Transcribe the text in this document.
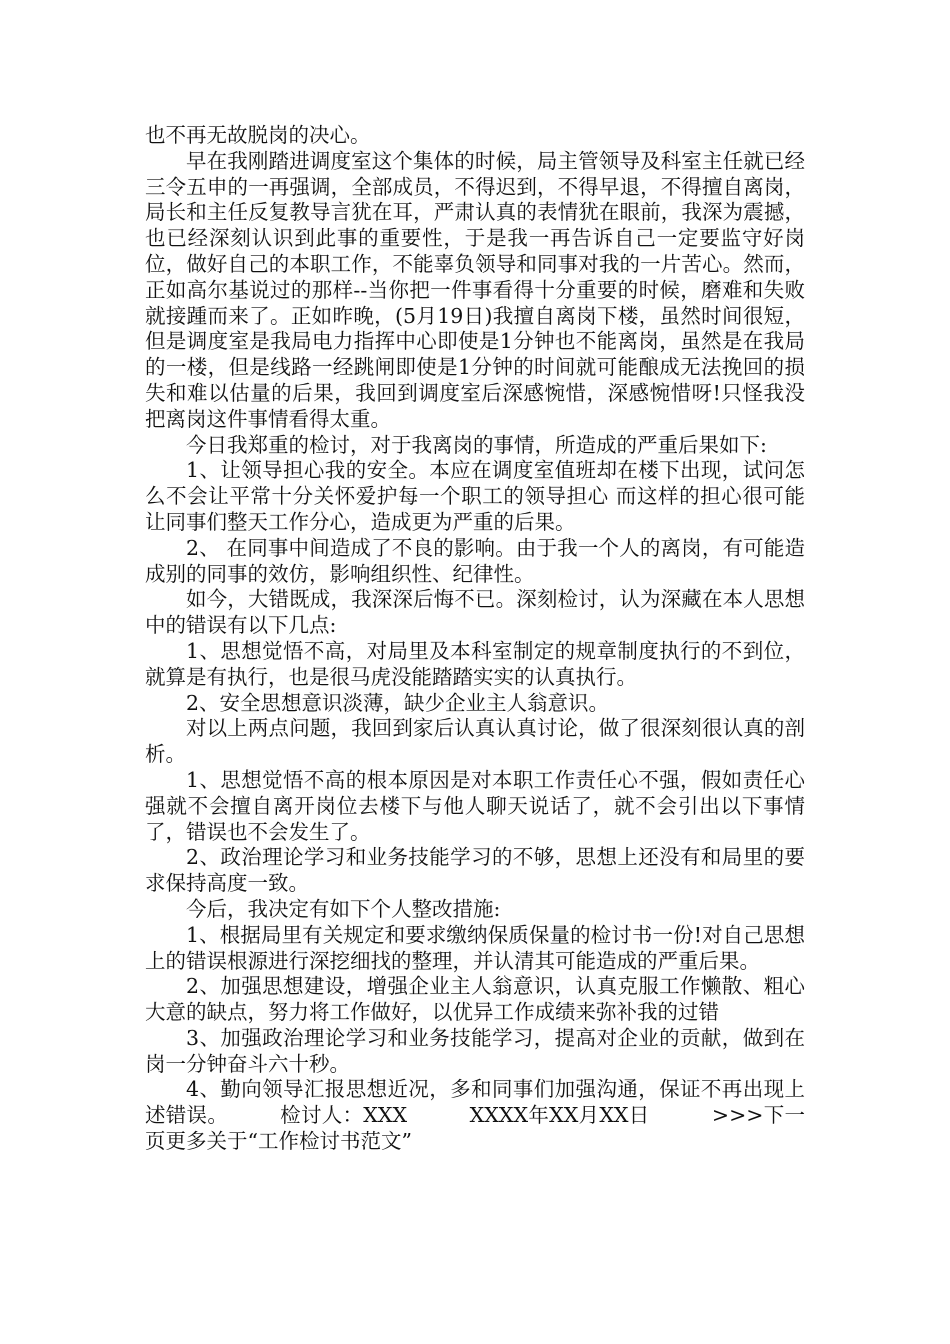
也不再无故脱岗的决心。

早在我刚踏进调度室这个集体的时候，局主管领导及科室主任就已经三令五申的一再强调，全部成员，不得迟到，不得早退，不得擅自离岗，局长和主任反复教导言犹在耳，严肃认真的表情犹在眼前，我深为震撼，也已经深刻认识到此事的重要性，于是我一再告诉自己一定要监守好岗位，做好自己的本职工作，不能辜负领导和同事对我的一片苦心。然而，正如高尔基说过的那样--当你把一件事看得十分重要的时候，磨难和失败就接踵而来了。正如昨晚，(5月19日)我擅自离岗下楼，虽然时间很短，但是调度室是我局电力指挥中心即使是1分钟也不能离岗，虽然是在我局的一楼，但是线路一经跳闸即使是1分钟的时间就可能酿成无法挽回的损失和难以估量的后果，我回到调度室后深感惋惜，深感惋惜呀!只怪我没把离岗这件事情看得太重。

今日我郑重的检讨，对于我离岗的事情，所造成的严重后果如下:

1、让领导担心我的安全。本应在调度室值班却在楼下出现，试问怎么不会让平常十分关怀爱护每一个职工的领导担心 而这样的担心很可能让同事们整天工作分心，造成更为严重的后果。

2、 在同事中间造成了不良的影响。由于我一个人的离岗，有可能造成别的同事的效仿，影响组织性、纪律性。

如今，大错既成，我深深后悔不已。深刻检讨，认为深藏在本人思想中的错误有以下几点:

1、思想觉悟不高，对局里及本科室制定的规章制度执行的不到位，就算是有执行，也是很马虎没能踏踏实实的认真执行。

2、安全思想意识淡薄，缺少企业主人翁意识。

对以上两点问题，我回到家后认真认真讨论，做了很深刻很认真的剖析。

1、思想觉悟不高的根本原因是对本职工作责任心不强，假如责任心强就不会擅自离开岗位去楼下与他人聊天说话了，就不会引出以下事情了，错误也不会发生了。

2、政治理论学习和业务技能学习的不够，思想上还没有和局里的要求保持高度一致。

今后，我决定有如下个人整改措施:

1、根据局里有关规定和要求缴纳保质保量的检讨书一份!对自己思想上的错误根源进行深挖细找的整理，并认清其可能造成的严重后果。

2、加强思想建设，增强企业主人翁意识，认真克服工作懒散、粗心大意的缺点，努力将工作做好，以优异工作成绩来弥补我的过错

3、加强政治理论学习和业务技能学习，提高对企业的贡献，做到在岗一分钟奋斗六十秒。

4、勤向领导汇报思想近况，多和同事们加强沟通，保证不再出现上述错误。　　　检讨人：XXX　　　XXXX年XX月XX日　　　>>>下一页更多关于“工作检讨书范文”
